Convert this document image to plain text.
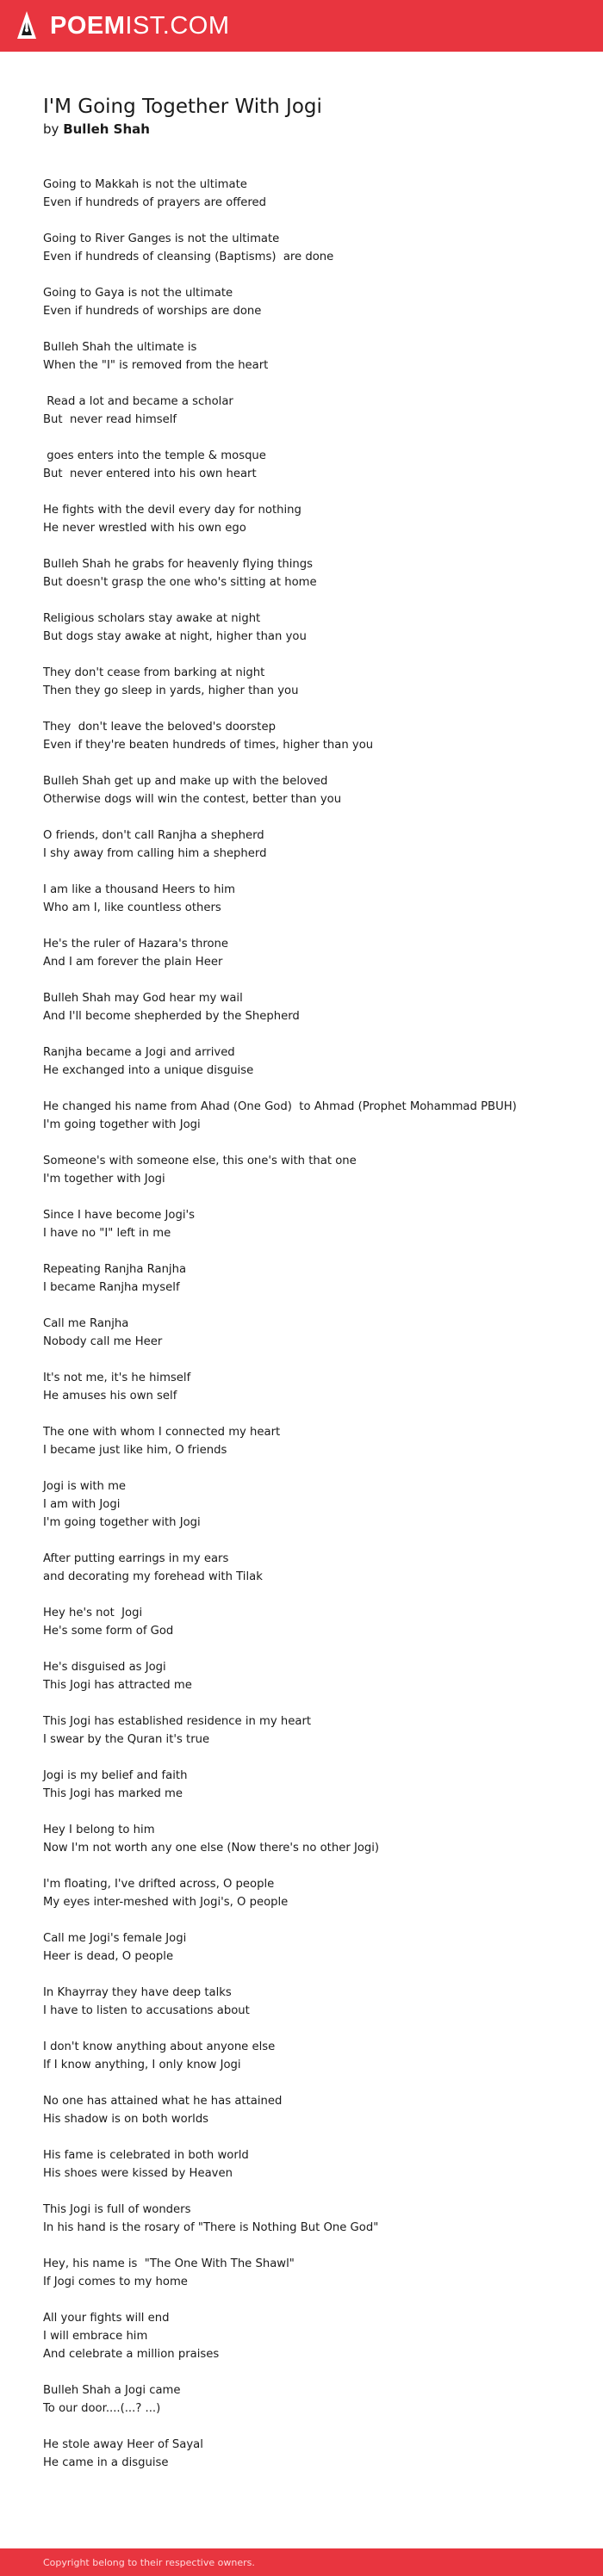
POEMIST.COM
I'M Going Together With Jogi
by Bulleh Shah
Going to Makkah is not the ultimate
Even if hundreds of prayers are offered
Going to River Ganges is not the ultimate
Even if hundreds of cleansing (Baptisms)  are done
Going to Gaya is not the ultimate
Even if hundreds of worships are done
Bulleh Shah the ultimate is
When the "I" is removed from the heart
Read a lot and became a scholar
But  never read himself
goes enters into the temple & mosque
But  never entered into his own heart
He fights with the devil every day for nothing
He never wrestled with his own ego
Bulleh Shah he grabs for heavenly flying things
But doesn't grasp the one who's sitting at home
Religious scholars stay awake at night
But dogs stay awake at night, higher than you
They don't cease from barking at night
Then they go sleep in yards, higher than you
They  don't leave the beloved's doorstep
Even if they're beaten hundreds of times, higher than you
Bulleh Shah get up and make up with the beloved
Otherwise dogs will win the contest, better than you
O friends, don't call Ranjha a shepherd
I shy away from calling him a shepherd
I am like a thousand Heers to him
Who am I, like countless others
He's the ruler of Hazara's throne
And I am forever the plain Heer
Bulleh Shah may God hear my wail
And I'll become shepherded by the Shepherd
Ranjha became a Jogi and arrived
He exchanged into a unique disguise
He changed his name from Ahad (One God)  to Ahmad (Prophet Mohammad PBUH)
I'm going together with Jogi
Someone's with someone else, this one's with that one
I'm together with Jogi
Since I have become Jogi's
I have no "I" left in me
Repeating Ranjha Ranjha
I became Ranjha myself
Call me Ranjha
Nobody call me Heer
It's not me, it's he himself
He amuses his own self
The one with whom I connected my heart
I became just like him, O friends
Jogi is with me
I am with Jogi
I'm going together with Jogi
After putting earrings in my ears
and decorating my forehead with Tilak
Hey he's not  Jogi
He's some form of God
He's disguised as Jogi
This Jogi has attracted me
This Jogi has established residence in my heart
I swear by the Quran it's true
Jogi is my belief and faith
This Jogi has marked me
Hey I belong to him
Now I'm not worth any one else (Now there's no other Jogi)
I'm floating, I've drifted across, O people
My eyes inter-meshed with Jogi's, O people
Call me Jogi's female Jogi
Heer is dead, O people
In Khayrray they have deep talks
I have to listen to accusations about
I don't know anything about anyone else
If I know anything, I only know Jogi
No one has attained what he has attained
His shadow is on both worlds
His fame is celebrated in both world
His shoes were kissed by Heaven
This Jogi is full of wonders
In his hand is the rosary of "There is Nothing But One God"
Hey, his name is  "The One With The Shawl"
If Jogi comes to my home
All your fights will end
I will embrace him
And celebrate a million praises
Bulleh Shah a Jogi came
To our door....(...? ...)
He stole away Heer of Sayal
He came in a disguise
Copyright belong to their respective owners.
